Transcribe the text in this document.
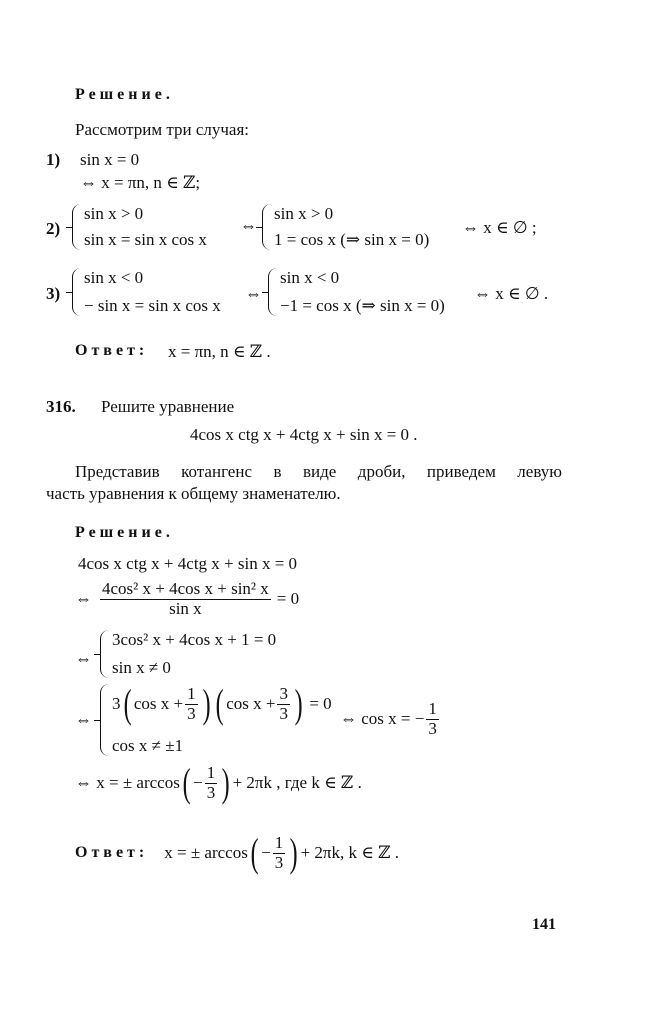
Решение.
Рассмотрим три случая:
1) sin x = 0
⇔ x = πn, n ∈ ℤ;
2)
sin x > 0
sin x = sin x cos x
⇔
sin x > 0
1 = cos x (⇒ sin x = 0)
⇔ x ∈ ∅ ;
3)
sin x < 0
− sin x = sin x cos x
⇔
sin x < 0
−1 = cos x (⇒ sin x = 0)
⇔ x ∈ ∅ .
Ответ: x = πn, n ∈ ℤ .
316. Решите уравнение
4cos x ctg x + 4ctg x + sin x = 0 .
Представив котангенс в виде дроби, приведем левую
часть уравнения к общему знаменателю.
Решение.
4cos x ctg x + 4ctg x + sin x = 0
⇔ $\frac{\text{4cos² x + 4cos x + sin² x}}{\text{sin x}} = 0$
⇔
3cos² x + 4cos x + 1 = 0
sin x ≠ 0
⇔
3 ( $\cos x + \frac{1}{3}$ ) ( $\cos x + \frac{3}{3}$ ) = 0
cos x ≠ ±1
⇔ cos x = − $\frac{1}{3}$
⇔ x = ± arccos ( − $\frac{1}{3}$ ) + 2πk , где k ∈ ℤ .
Ответ: x = ± arccos ( − $\frac{1}{3}$ ) + 2πk, k ∈ ℤ .
141
